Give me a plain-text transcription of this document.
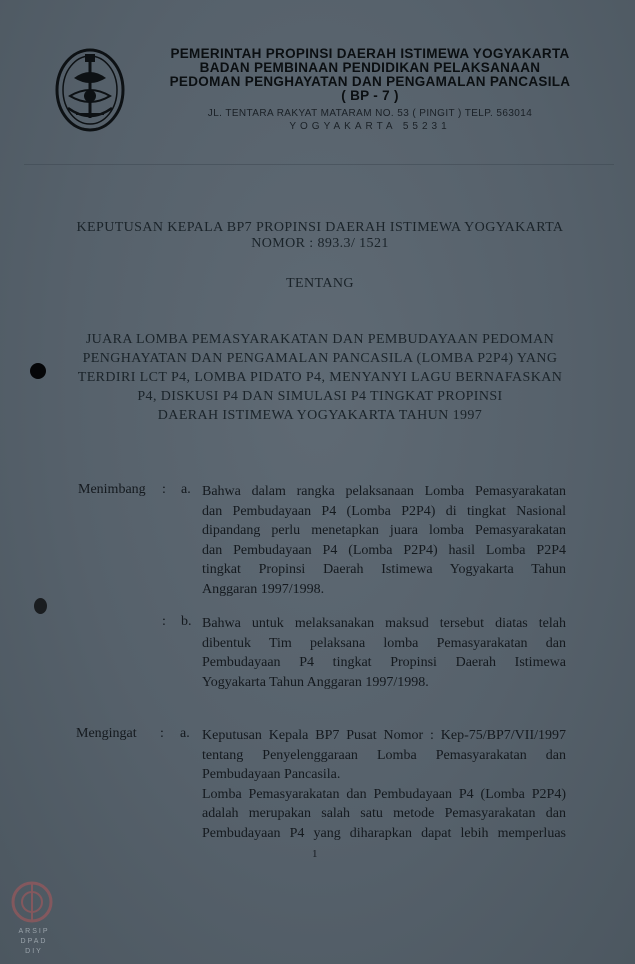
PEMERINTAH PROPINSI DAERAH ISTIMEWA YOGYAKARTA
BADAN PEMBINAAN PENDIDIKAN PELAKSANAAN
PEDOMAN PENGHAYATAN DAN PENGAMALAN PANCASILA
( BP - 7 )
JL. TENTARA RAKYAT MATARAM NO. 53 ( PINGIT ) TELP. 563014
YOGYAKARTA 55231
KEPUTUSAN KEPALA BP7 PROPINSI DAERAH ISTIMEWA YOGYAKARTA
NOMOR : 893.3/ 1521
TENTANG
JUARA LOMBA PEMASYARAKATAN DAN PEMBUDAYAAN PEDOMAN
PENGHAYATAN DAN PENGAMALAN PANCASILA (LOMBA P2P4) YANG
TERDIRI LCT P4, LOMBA PIDATO P4, MENYANYI LAGU BERNAFASKAN
P4, DISKUSI P4 DAN SIMULASI P4 TINGKAT PROPINSI
DAERAH ISTIMEWA YOGYAKARTA TAHUN 1997
Menimbang : a. Bahwa dalam rangka pelaksanaan Lomba Pemasyarakatan
dan Pembudayaan P4 (Lomba P2P4) di tingkat Nasional
dipandang perlu menetapkan juara lomba Pemasyarakatan
dan Pembudayaan P4 (Lomba P2P4) hasil Lomba P2P4
tingkat Propinsi Daerah Istimewa Yogyakarta Tahun
Anggaran 1997/1998.
: b. Bahwa untuk melaksanakan maksud tersebut diatas telah
dibentuk Tim pelaksana lomba Pemasyarakatan dan
Pembudayaan P4 tingkat Propinsi Daerah Istimewa
Yogyakarta Tahun Anggaran 1997/1998.
Mengingat : a. Keputusan Kepala BP7 Pusat Nomor : Kep-75/BP7/VII/1997
tentang Penyelenggaraan Lomba Pemasyarakatan dan
Pembudayaan Pancasila.
Lomba Pemasyarakatan dan Pembudayaan P4 (Lomba P2P4)
adalah merupakan salah satu metode Pemasyarakatan dan
Pembudayaan P4 yang diharapkan dapat lebih memperluas
1
ARSIP
DPAD
DIY
